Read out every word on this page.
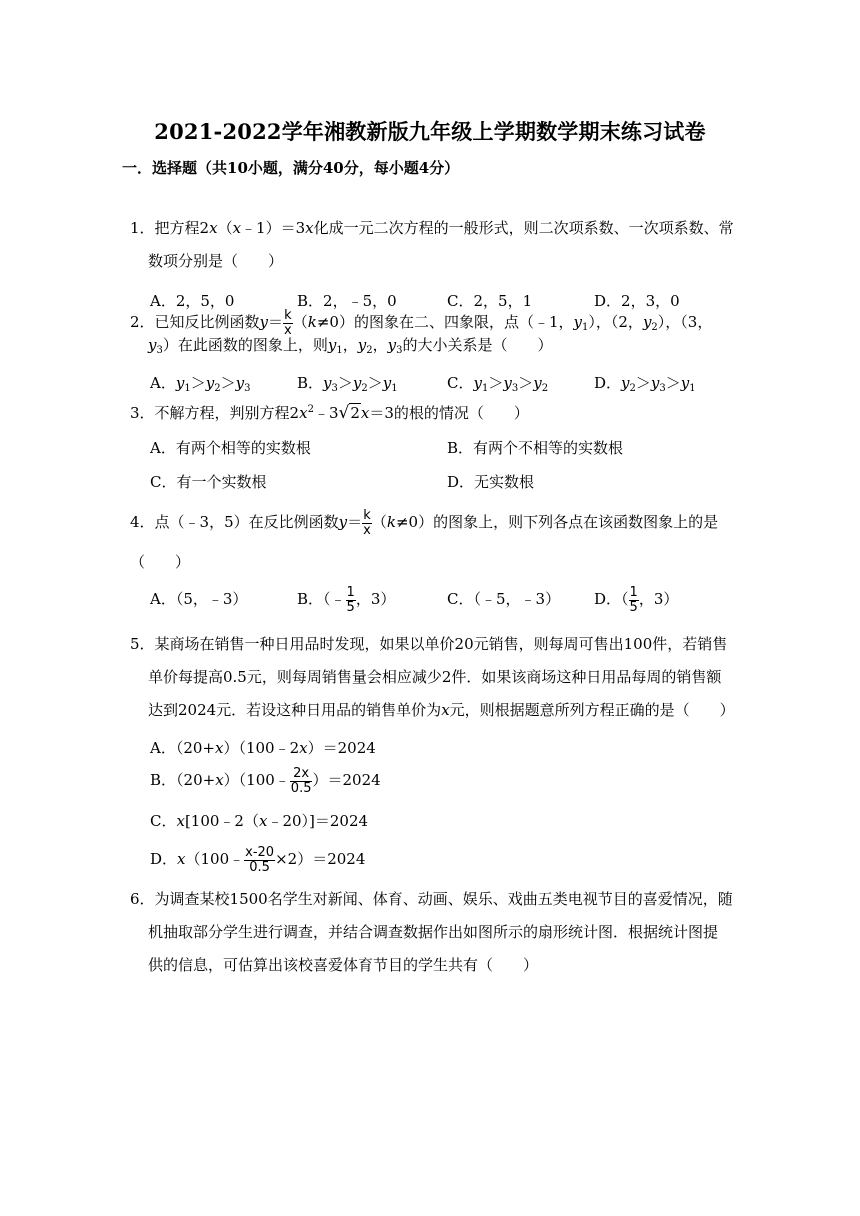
2021-2022学年湘教新版九年级上学期数学期末练习试卷
一．选择题（共10小题，满分40分，每小题4分）
1．把方程2x（x﹣1）＝3x化成一元二次方程的一般形式，则二次项系数、一次项系数、常
数项分别是（　　）
A．2，5，0	B．2，﹣5，0	C．2，5，1	D．2，3，0
2．已知反比例函数$y= \frac{k}{x} (k\ne 0)$的图象在二、四象限，点（﹣1，$y_1$），（2，$y_2$），（3，
$y_3$）在此函数的图象上，则$y_1$，$y_2$，$y_3$的大小关系是（　　）
A．$y_1>y_2>y_3$	B．$y_3>y_2>y_1$	C．$y_1>y_3>y_2$	D．$y_2>y_3>y_1$
3．不解方程，判别方程$2x^2﹣3√2x=3$的根的情况（　　）
A．有两个相等的实数根	B．有两个不相等的实数根
C．有一个实数根	D．无实数根
4．点（﹣3，5）在反比例函数$y= \frac{k}{x} (k\ne 0)$的图象上，则下列各点在该函数图象上的是
（　　）
A．（5，﹣3）	B．（﹣ $\frac{1}{5}$ ，3）	C．（﹣5，﹣3） D．（ $\frac{1}{5}$ ，3）
5．某商场在销售一种日用品时发现，如果以单价20元销售，则每周可售出100件，若销售
单价每提高0.5元，则每周销售量会相应减少2件．如果该商场这种日用品每周的销售额
达到2024元．若设这种日用品的销售单价为x元，则根据题意所列方程正确的是（　　）
A．（20+x）（100﹣2x）＝2024
B．（20+x）（100﹣ $\frac{2x}{0.5} )=2024$
C．x[100﹣2（x﹣20）]＝2024
D．x（100﹣ $\frac{x-20}{0.5} \times 2)=2024$
6．为调查某校1500名学生对新闻、体育、动画、娱乐、戏曲五类电视节目的喜爱情况，随
机抽取部分学生进行调查，并结合调查数据作出如图所示的扇形统计图．根据统计图提
供的信息，可估算出该校喜爱体育节目的学生共有（　　）
